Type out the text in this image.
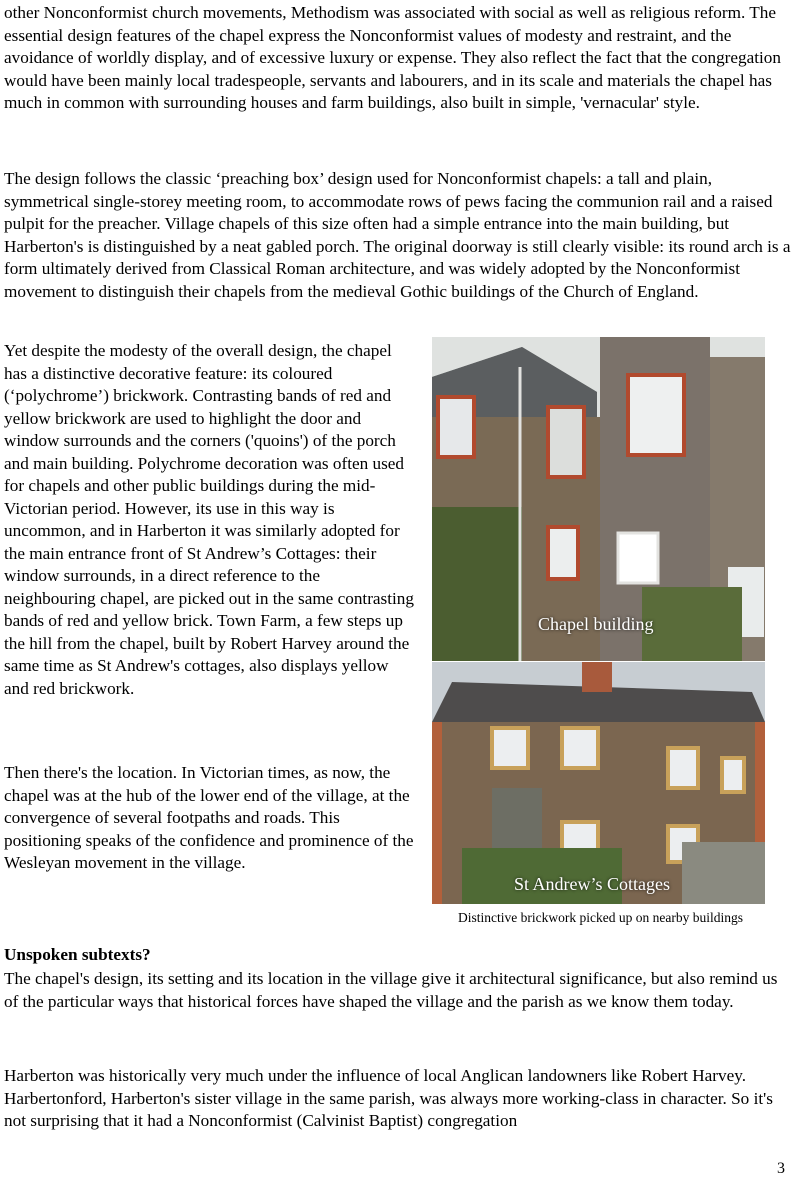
other Nonconformist church movements, Methodism was associated with social as well as religious reform. The essential design features of the chapel express the Nonconformist values of modesty and restraint, and the avoidance of worldly display, and of excessive luxury or expense. They also reflect the fact that the congregation would have been mainly local tradespeople, servants and labourers, and in its scale and materials the chapel has much in common with surrounding houses and farm buildings, also built in simple, 'vernacular' style.

The design follows the classic ‘preaching box’ design used for Nonconformist chapels: a tall and plain, symmetrical single-storey meeting room, to accommodate rows of pews facing the communion rail and a raised pulpit for the preacher. Village chapels of this size often had a simple entrance into the main building, but Harberton's is distinguished by a neat gabled porch. The original doorway is still clearly visible: its round arch is a form ultimately derived from Classical Roman architecture, and was widely adopted by the Nonconformist movement to distinguish their chapels from the medieval Gothic buildings of the Church of England.

Yet despite the modesty of the overall design, the chapel has a distinctive decorative feature: its coloured (‘polychrome’) brickwork. Contrasting bands of red and yellow brickwork are used to highlight the door and window surrounds and the corners ('quoins') of the porch and main building. Polychrome decoration was often used for chapels and other public buildings during the mid-Victorian period. However, its use in this way is uncommon, and in Harberton it was similarly adopted for the main entrance front of St Andrew’s Cottages: their window surrounds, in a direct reference to the neighbouring chapel, are picked out in the same contrasting bands of red and yellow brick. Town Farm, a few steps up the hill from the chapel, built by Robert Harvey around the same time as St Andrew's cottages, also displays yellow and red brickwork.

Then there's the location. In Victorian times, as now, the chapel was at the hub of the lower end of the village, at the convergence of several footpaths and roads. This positioning speaks of the confidence and prominence of the Wesleyan movement in the village.

Chapel building
St Andrew’s Cottages

Distinctive brickwork picked up on nearby buildings

Unspoken subtexts?

The chapel's design, its setting and its location in the village give it architectural significance, but also remind us of the particular ways that historical forces have shaped the village and the parish as we know them today.

Harberton was historically very much under the influence of local Anglican landowners like Robert Harvey. Harbertonford, Harberton's sister village in the same parish, was always more working-class in character. So it's not surprising that it had a Nonconformist (Calvinist Baptist) congregation

3
